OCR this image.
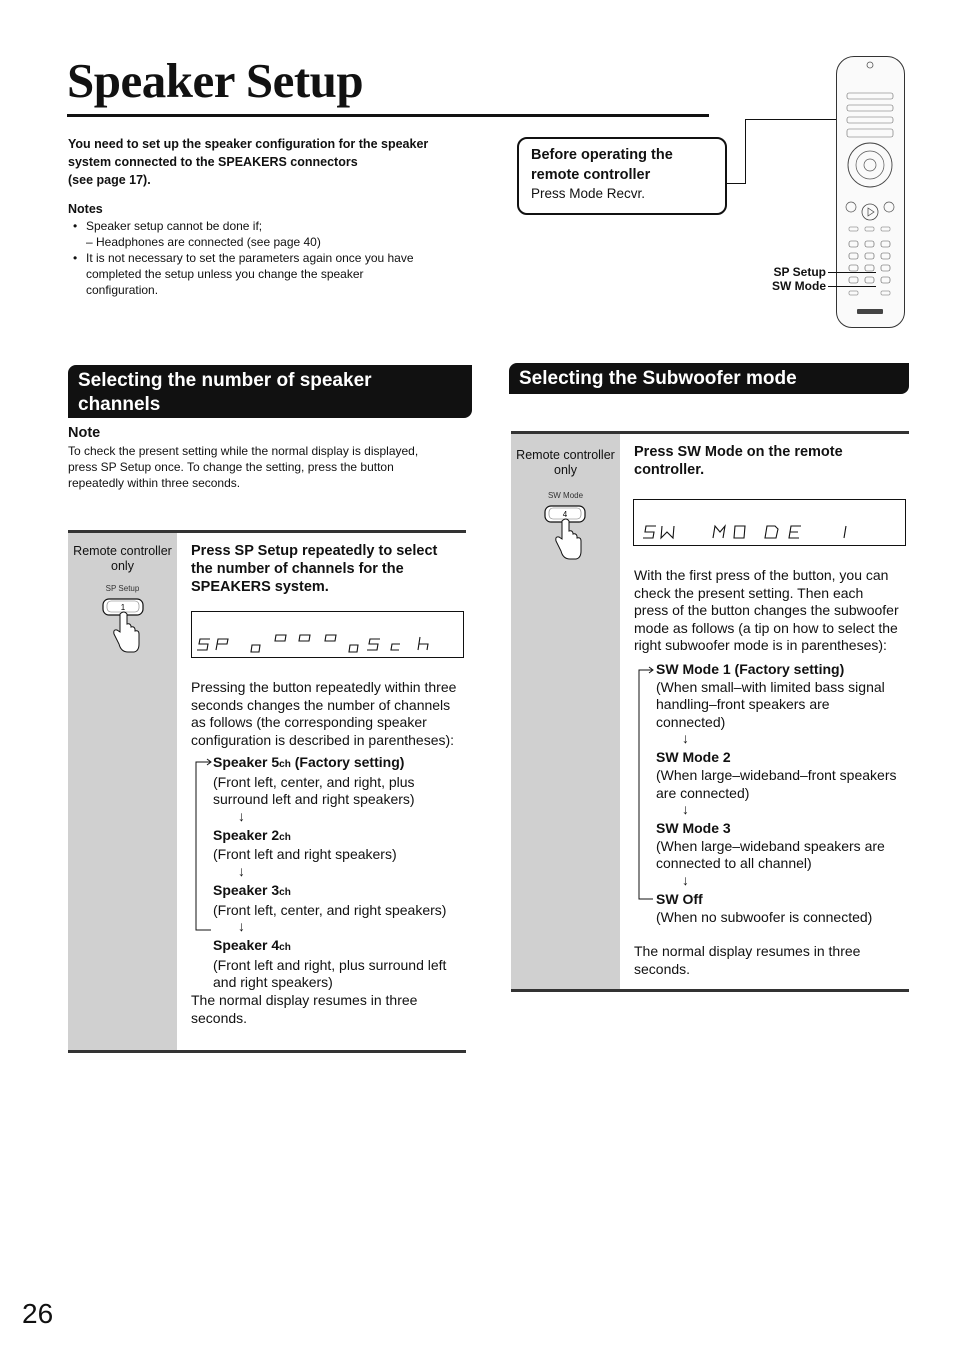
Speaker Setup
You need to set up the speaker configuration for the speaker
system connected to the SPEAKERS connectors
(see page 17).
Notes
• Speaker setup cannot be done if;
– Headphones are connected (see page 40)
• It is not necessary to set the parameters again once you have
completed the setup unless you change the speaker
configuration.
Before operating the
remote controller
Press Mode Recvr.
SP Setup
SW Mode
Selecting the number of speaker
channels
Note
To check the present setting while the normal display is displayed,
press SP Setup once. To change the setting, press the button
repeatedly within three seconds.
Remote controller
only
SP Setup
1
Press SP Setup repeatedly to select
the number of channels for the
SPEAKERS system.
Pressing the button repeatedly within three
seconds changes the number of channels
as follows (the corresponding speaker
configuration is described in parentheses):
Speaker 5ch (Factory setting)
(Front left, center, and right, plus
surround left and right speakers)
↓
Speaker 2ch
(Front left and right speakers)
↓
Speaker 3ch
(Front left, center, and right speakers)
↓
Speaker 4ch
(Front left and right, plus surround left
and right speakers)
The normal display resumes in three
seconds.
Selecting the Subwoofer mode
Remote controller
only
SW Mode
4
Press SW Mode on the remote
controller.
With the first press of the button, you can
check the present setting. Then each
press of the button changes the subwoofer
mode as follows (a tip on how to select the
right subwoofer mode is in parentheses):
SW Mode 1 (Factory setting)
(When small–with limited bass signal
handling–front speakers are
connected)
↓
SW Mode 2
(When large–wideband–front speakers
are connected)
↓
SW Mode 3
(When large–wideband speakers are
connected to all channel)
↓
SW Off
(When no subwoofer is connected)
The normal display resumes in three
seconds.
26
